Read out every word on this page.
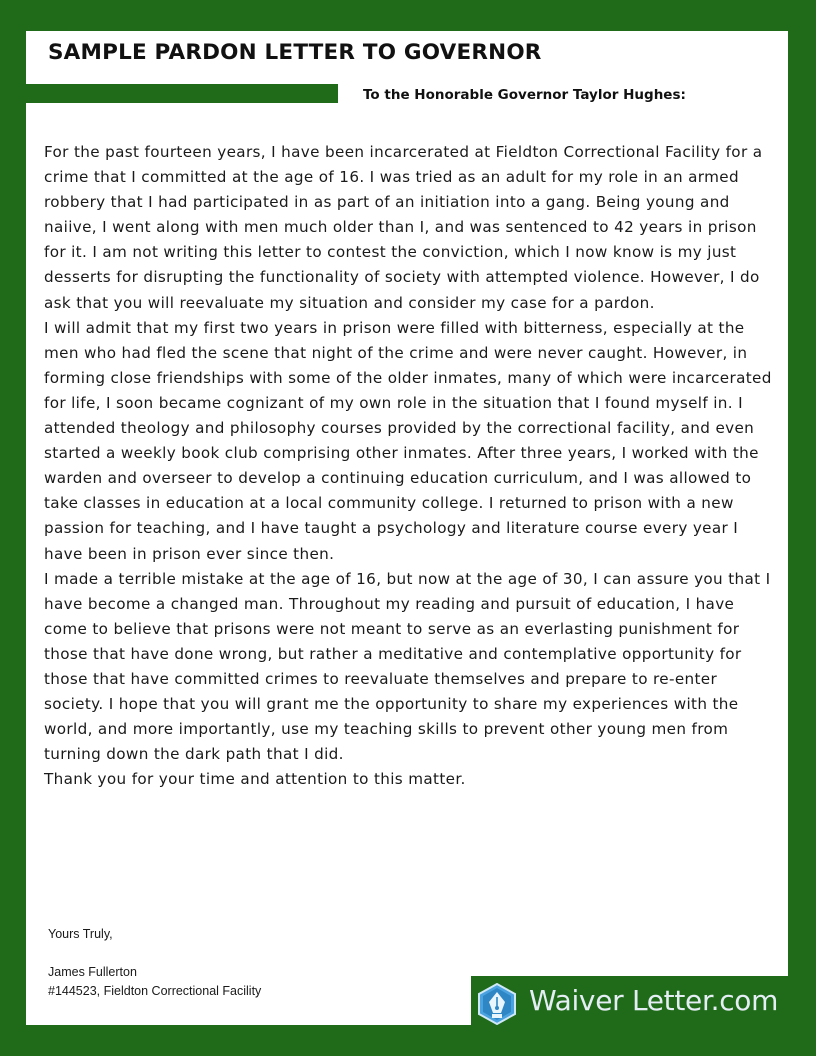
SAMPLE PARDON LETTER TO GOVERNOR
To the Honorable Governor Taylor Hughes:

For the past fourteen years, I have been incarcerated at Fieldton Correctional Facility for a crime that I committed at the age of 16. I was tried as an adult for my role in an armed robbery that I had participated in as part of an initiation into a gang. Being young and naiive, I went along with men much older than I, and was sentenced to 42 years in prison for it. I am not writing this letter to contest the conviction, which I now know is my just desserts for disrupting the functionality of society with attempted violence. However, I do ask that you will reevaluate my situation and consider my case for a pardon.

I will admit that my first two years in prison were filled with bitterness, especially at the men who had fled the scene that night of the crime and were never caught. However, in forming close friendships with some of the older inmates, many of which were incarcerated for life, I soon became cognizant of my own role in the situation that I found myself in. I attended theology and philosophy courses provided by the correctional facility, and even started a weekly book club comprising other inmates. After three years, I worked with the warden and overseer to develop a continuing education curriculum, and I was allowed to take classes in education at a local community college. I returned to prison with a new passion for teaching, and I have taught a psychology and literature course every year I have been in prison ever since then.

I made a terrible mistake at the age of 16, but now at the age of 30, I can assure you that I have become a changed man. Throughout my reading and pursuit of education, I have come to believe that prisons were not meant to serve as an everlasting punishment for those that have done wrong, but rather a meditative and contemplative opportunity for those that have committed crimes to reevaluate themselves and prepare to re-enter society. I hope that you will grant me the opportunity to share my experiences with the world, and more importantly, use my teaching skills to prevent other young men from turning down the dark path that I did.

Thank you for your time and attention to this matter.

Yours Truly,
James Fullerton
#144523, Fieldton Correctional Facility	Waiver Letter.com
